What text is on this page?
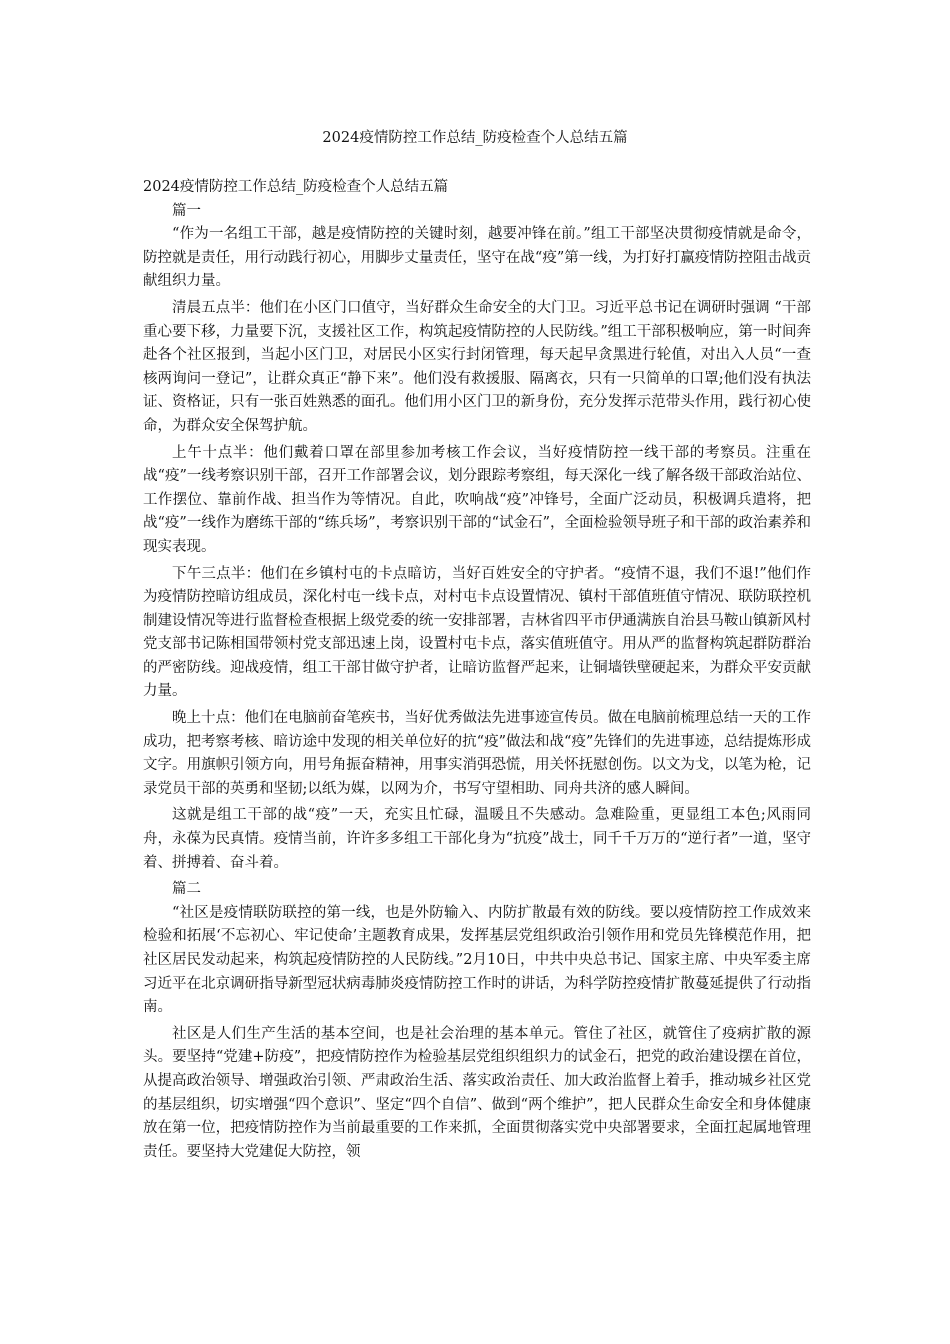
2024疫情防控工作总结_防疫检查个人总结五篇

2024疫情防控工作总结_防疫检查个人总结五篇

篇一

“作为一名组工干部，越是疫情防控的关键时刻，越要冲锋在前。”组工干部坚决贯彻疫情就是命令，防控就是责任，用行动践行初心，用脚步丈量责任，坚守在战“疫”第一线，为打好打赢疫情防控阻击战贡献组织力量。

清晨五点半：他们在小区门口值守，当好群众生命安全的大门卫。习近平总书记在调研时强调 “干部重心要下移，力量要下沉，支援社区工作，构筑起疫情防控的人民防线。”组工干部积极响应，第一时间奔赴各个社区报到，当起小区门卫，对居民小区实行封闭管理，每天起早贪黑进行轮值，对出入人员“一查核两询问一登记”，让群众真正“静下来”。他们没有救援服、隔离衣，只有一只简单的口罩;他们没有执法证、资格证，只有一张百姓熟悉的面孔。他们用小区门卫的新身份，充分发挥示范带头作用，践行初心使命，为群众安全保驾护航。

上午十点半：他们戴着口罩在部里参加考核工作会议，当好疫情防控一线干部的考察员。注重在战“疫”一线考察识别干部，召开工作部署会议，划分跟踪考察组，每天深化一线了解各级干部政治站位、工作摆位、靠前作战、担当作为等情况。自此，吹响战“疫”冲锋号，全面广泛动员，积极调兵遣将，把战“疫”一线作为磨练干部的“练兵场”，考察识别干部的“试金石”，全面检验领导班子和干部的政治素养和现实表现。

下午三点半：他们在乡镇村屯的卡点暗访，当好百姓安全的守护者。“疫情不退，我们不退!”他们作为疫情防控暗访组成员，深化村屯一线卡点，对村屯卡点设置情况、镇村干部值班值守情况、联防联控机制建设情况等进行监督检查根据上级党委的统一安排部署，吉林省四平市伊通满族自治县马鞍山镇新风村党支部书记陈相国带领村党支部迅速上岗，设置村屯卡点，落实值班值守。用从严的监督构筑起群防群治的严密防线。迎战疫情，组工干部甘做守护者，让暗访监督严起来，让铜墙铁壁硬起来，为群众平安贡献力量。

晚上十点：他们在电脑前奋笔疾书，当好优秀做法先进事迹宣传员。做在电脑前梳理总结一天的工作成功，把考察考核、暗访途中发现的相关单位好的抗“疫”做法和战“疫”先锋们的先进事迹，总结提炼形成文字。用旗帜引领方向，用号角振奋精神，用事实消弭恐慌，用关怀抚慰创伤。以文为戈，以笔为枪，记录党员干部的英勇和坚韧;以纸为媒，以网为介，书写守望相助、同舟共济的感人瞬间。

这就是组工干部的战“疫”一天，充实且忙碌，温暖且不失感动。急难险重，更显组工本色;风雨同舟，永葆为民真情。疫情当前，许许多多组工干部化身为“抗疫”战士，同千千万万的“逆行者”一道，坚守着、拼搏着、奋斗着。

篇二

“社区是疫情联防联控的第一线，也是外防输入、内防扩散最有效的防线。要以疫情防控工作成效来检验和拓展‘不忘初心、牢记使命’主题教育成果，发挥基层党组织政治引领作用和党员先锋模范作用，把社区居民发动起来，构筑起疫情防控的人民防线。”2月10日，中共中央总书记、国家主席、中央军委主席习近平在北京调研指导新型冠状病毒肺炎疫情防控工作时的讲话，为科学防控疫情扩散蔓延提供了行动指南。

社区是人们生产生活的基本空间，也是社会治理的基本单元。管住了社区，就管住了疫病扩散的源头。要坚持“党建+防疫”，把疫情防控作为检验基层党组织组织力的试金石，把党的政治建设摆在首位，从提高政治领导、增强政治引领、严肃政治生活、落实政治责任、加大政治监督上着手，推动城乡社区党的基层组织，切实增强“四个意识”、坚定“四个自信”、做到“两个维护”，把人民群众生命安全和身体健康放在第一位，把疫情防控作为当前最重要的工作来抓，全面贯彻落实党中央部署要求，全面扛起属地管理责任。要坚持大党建促大防控，领
